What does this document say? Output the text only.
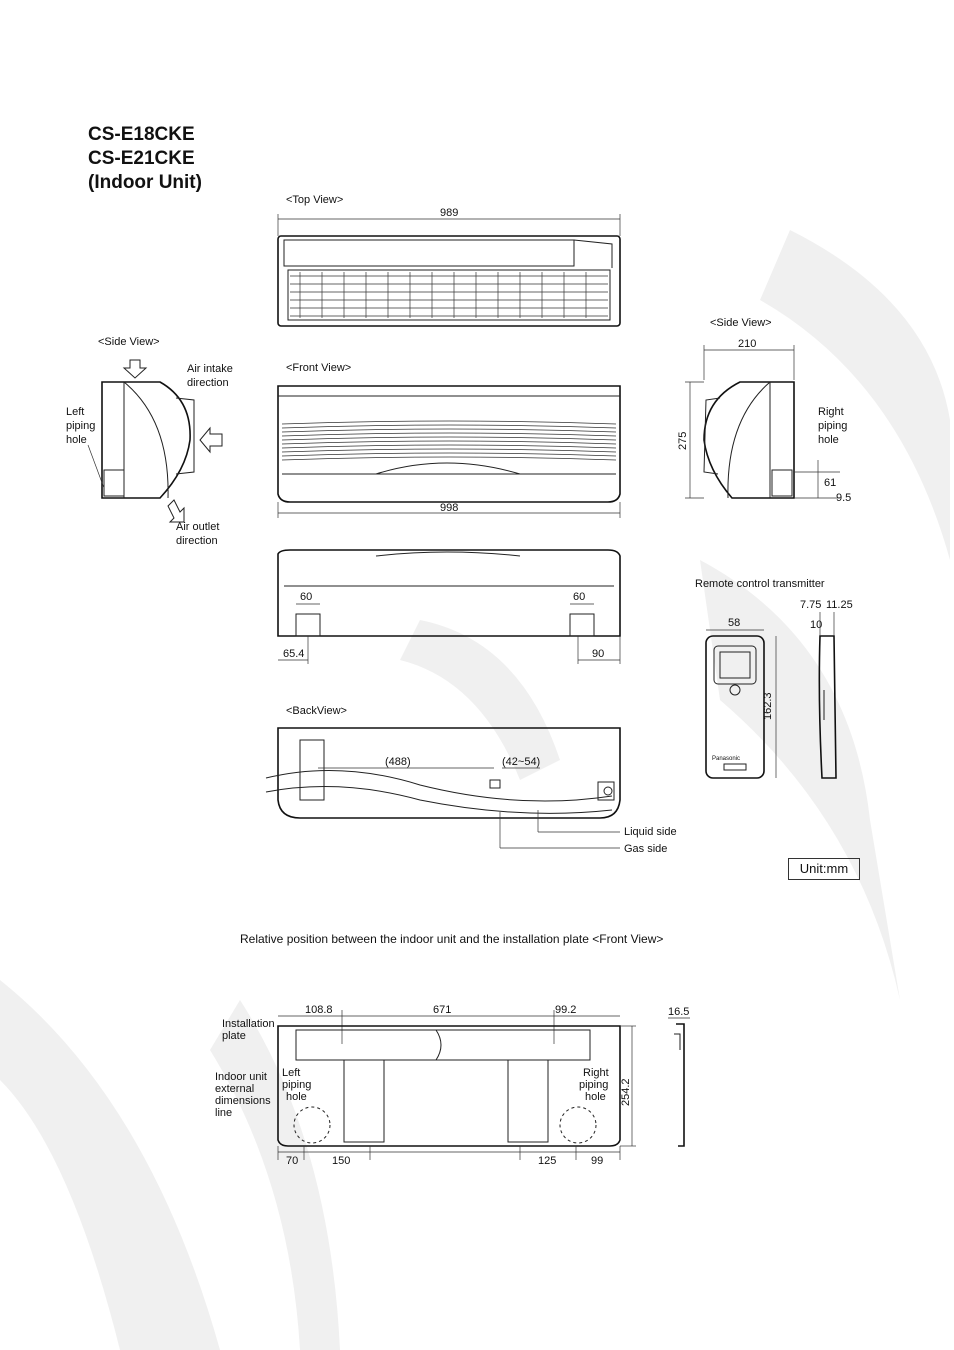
CS-E18CKE
CS-E21CKE
(Indoor Unit)
<Top View>
989
<Side View>
Air intake
direction
Air outlet
direction
Left
piping
hole
<Front View>
998
<Side View>
210
275
Right
piping
hole
61
9.5
60	60
65.4	90
Remote control transmitter
7.75 11.25
10
58
Panasonic
162.3
<BackView>
(488)	(42~54)
Liquid side
Gas side
Relative position between the indoor unit and the installation plate <Front View>
108.8	671	99.2
Installation
plate
Indoor unit
external
dimensions
line
Left
piping
hole
Right
piping
hole 254.2
16.5
70	150	125	99
Unit:mm
